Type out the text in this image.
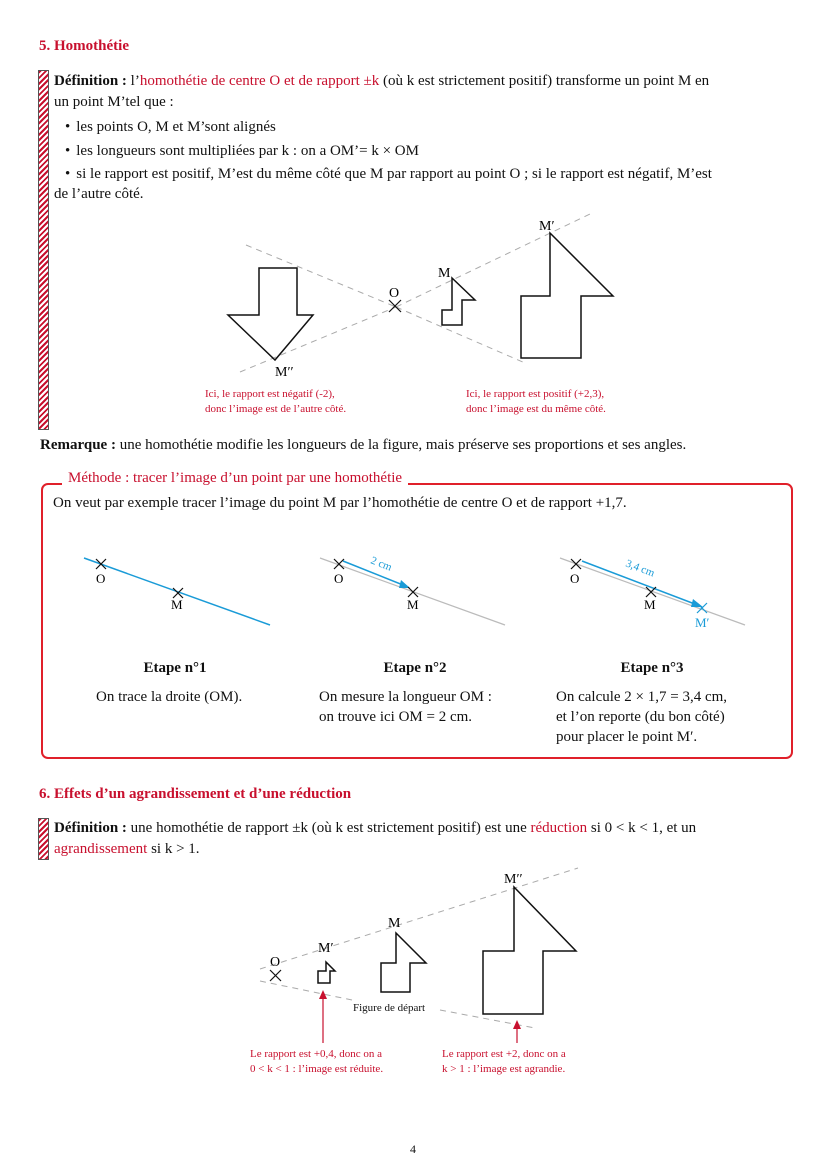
5. Homothétie
Définition : l’homothétie de centre O et de rapport ±k (où k est strictement positif) transforme un point M en
un point M’tel que :
• les points O, M et M’sont alignés
• les longueurs sont multipliées par k : on a OM’= k × OM
• si le rapport est positif, M’est du même côté que M par rapport au point O ; si le rapport est négatif, M’est
de l’autre côté.
O
M
M′
M′′
Ici, le rapport est négatif (-2),
donc l’image est de l’autre côté.
Ici, le rapport est positif (+2,3),
donc l’image est du même côté.
Remarque : une homothétie modifie les longueurs de la figure, mais préserve ses proportions et ses angles.
Méthode : tracer l’image d’un point par une homothétie
On veut par exemple tracer l’image du point M par l’homothétie de centre O et de rapport +1,7.
O
M
2 cm
O
M
3,4 cm
O
M
M′
Etape n°1
On trace la droite (OM).
Etape n°2
On mesure la longueur OM :
on trouve ici OM = 2 cm.
Etape n°3
On calcule 2 × 1,7 = 3,4 cm,
et l’on reporte (du bon côté)
pour placer le point M′.
6. Effets d’un agrandissement et d’une réduction
Définition : une homothétie de rapport ±k (où k est strictement positif) est une réduction si 0 < k < 1, et un
agrandissement si k > 1.
O
M′
M
M′′
Figure de départ
Le rapport est +0,4, donc on a
0 < k < 1 : l’image est réduite.
Le rapport est +2, donc on a
k > 1 : l’image est agrandie.
4
